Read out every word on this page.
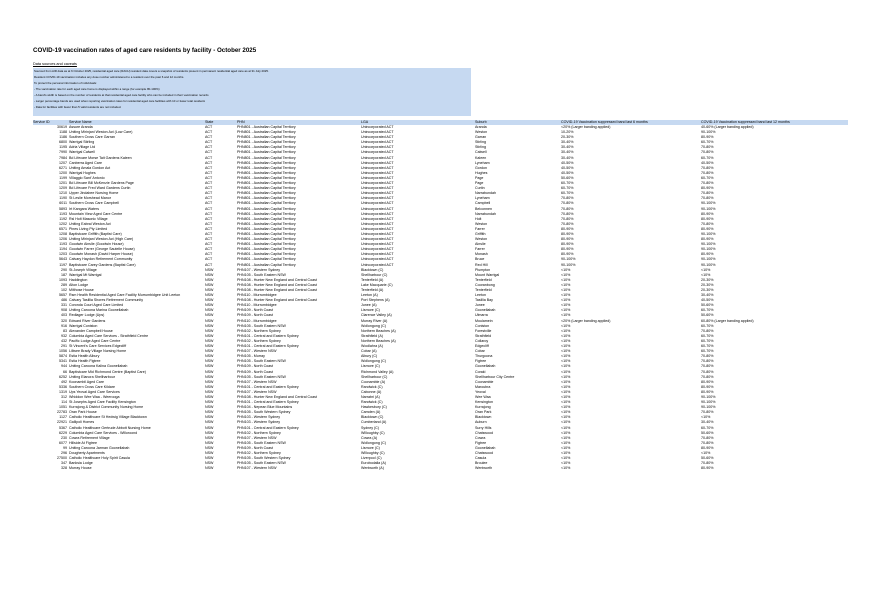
COVID-19 vaccination rates of aged care residents by facility - October 2025
Data sources and caveats
Sourced from AIR data as at 6 October 2025, residential aged care (RACH) resident data covers a snapshot of residents present in permanent residential aged care as at 31 July 2025.
Resident COVID-19 vaccination includes any dose number administered to a resident over the past 6 and 12 months.
To protect the personal information of individuals:
- The vaccination rate for each aged care home is displayed within a range (for example 80-100%)
- A band's width is based on the number of residents at that residential aged care facility who can be included in their vaccination records
- Larger percentage bands are used when reporting vaccination rates for residential aged care facilities with 10 or fewer total residents
- Data for facilities with fewer than 5 valid residents are not included.
Service ID	Service Name	State	PHN	LGA	Suburb	COVID-19 Vaccination suppressed band last 6 months	COVID-19 Vaccination suppressed band last 12 months
30619 Assure Aranda	ACT	PHN801 - Australian Capital Territory	Unincorporated ACT	Aranda	<20% (Larger banding applied)	40-60% (Larger banding applied)
1188 Uniting Mirinjani Weston Act (Low Care)	ACT	PHN801 - Australian Capital Territory	Unincorporated ACT	Weston	10-20%	90-100%
1186 Southern Cross Care Garran	ACT	PHN801 - Australian Capital Territory	Unincorporated ACT	Garran	20-30%	80-90%
6800 Warrigal Stirling	ACT	PHN801 - Australian Capital Territory	Unincorporated ACT	Stirling	30-40%	60-70%
1195 Adria Village Ltd	ACT	PHN801 - Australian Capital Territory	Unincorporated ACT	Stirling	30-40%	70-80%
7990 Warrigal Calwell	ACT	PHN801 - Australian Capital Territory	Unincorporated ACT	Calwell	30-40%	70-80%
7984 Bd Lifecare Morse Tait Gardens Kaleen	ACT	PHN801 - Australian Capital Territory	Unincorporated ACT	Kaleen	30-40%	60-70%
1207 Canberra Aged Care	ACT	PHN801 - Australian Capital Territory	Unincorporated ACT	Lyneham	40-50%	40-50%
6271 Uniting Amala Gordon Act	ACT	PHN801 - Australian Capital Territory	Unincorporated ACT	Gordon	40-50%	70-80%
1200 Warrigal Hughes	ACT	PHN801 - Australian Capital Territory	Unincorporated ACT	Hughes	40-50%	70-80%
1199 Villaggio Sant' Antonio	ACT	PHN801 - Australian Capital Territory	Unincorporated ACT	Page	50-60%	60-70%
1201 Bd Lifecare Bill McKenzie Gardens Page	ACT	PHN801 - Australian Capital Territory	Unincorporated ACT	Page	60-70%	70-80%
1209 Bd Lifecare Fred Ward Gardens Curtin	ACT	PHN801 - Australian Capital Territory	Unincorporated ACT	Curtin	60-70%	80-90%
1210 Upper Jindabee Nursing Home	ACT	PHN801 - Australian Capital Territory	Unincorporated ACT	Narrabundah	60-70%	70-80%
1190 St Leslie Morshead Manor	ACT	PHN801 - Australian Capital Territory	Unincorporated ACT	Lyneham	70-80%	70-80%
6011 Southern Cross Care Campbell	ACT	PHN801 - Australian Capital Territory	Unincorporated ACT	Campbell	70-80%	90-100%
5893 Irt Kangara Waters	ACT	PHN801 - Australian Capital Territory	Unincorporated ACT	Belconnen	70-80%	90-100%
1193 Mountain View Aged Care Centre	ACT	PHN801 - Australian Capital Territory	Unincorporated ACT	Narrabundah	70-80%	80-90%
1192 Rsl Holt Masonic Village	ACT	PHN801 - Australian Capital Territory	Unincorporated ACT	Holt	70-80%	80-90%
1202 Uniting Eabrai Weston Act	ACT	PHN801 - Australian Capital Territory	Unincorporated ACT	Weston	70-80%	70-80%
6571 Pines Living Pty Limited	ACT	PHN801 - Australian Capital Territory	Unincorporated ACT	Farrer	80-90%	80-90%
1208 Baptistcare Griffith (Baptist Care)	ACT	PHN801 - Australian Capital Territory	Unincorporated ACT	Griffith	80-90%	90-100%
1206 Uniting Mirinjani Weston Act (High Care)	ACT	PHN801 - Australian Capital Territory	Unincorporated ACT	Weston	80-90%	80-90%
1193 Goodwin Ainslie (Goodwin House)	ACT	PHN801 - Australian Capital Territory	Unincorporated ACT	Ainslie	80-90%	90-100%
1194 Goodwin Farrer (George Sautelle House)	ACT	PHN801 - Australian Capital Territory	Unincorporated ACT	Farrer	80-90%	90-100%
1203 Goodwin Monash (David Harper House)	ACT	PHN801 - Australian Capital Territory	Unincorporated ACT	Monash	80-90%	80-90%
5643 Calvary Haydon Retirement Community	ACT	PHN801 - Australian Capital Territory	Unincorporated ACT	Bruce	90-100%	90-100%
1197 Baptistcare Carey Gardens (Baptist Care)	ACT	PHN801 - Australian Capital Territory	Unincorporated ACT	Red Hill	90-100%	90-100%
290 St.Joseph Village	NSW	PHN107 - Western Sydney	Blacktown (C)	Plumpton	<10%	<10%
187 Warrigal Mt Warrigal	NSW	PHN105 - South Eastern NSW	Shellharbour (C)	Mount Warrigal	<10%	<10%
1093 Haddington	NSW	PHN108 - Hunter New England and Central Coast	Tenterfield (A)	Tenterfield	<10%	20-30%
289 Alton Lodge	NSW	PHN108 - Hunter New England and Central Coast	Lake Macquarie (C)	Cooranbong	<10%	20-30%
102 Milthose House	NSW	PHN108 - Hunter New England and Central Coast	Tenterfield (A)	Tenterfield	<10%	20-30%
5657 Rsm Health Residential Aged Care Facility Murrumbidgee Unit Leeton	NSW	PHN110 - Murrumbidgee	Leeton (A)	Leeton	<10%	30-40%
486 Calvary Tasillia Shores Retirement Community	NSW	PHN108 - Hunter New England and Central Coast	Port Stephens (A)	Tasillia Bay	<10%	40-50%
331 Coronda Court Aged Care Limited	NSW	PHN110 - Murrumbidgee	Junee (A)	Junee	<10%	50-60%
908 Uniting Caroona Marina Goonellabah	NSW	PHN109 - North Coast	Lismore (C)	Goonellabah	<10%	60-70%
403 Redlager Lodge (Ups)	NSW	PHN109 - North Coast	Clarence Valley (A)	Ulmarra	<10%	50-60%
320 Edward River Gardens	NSW	PHN110 - Murrumbidgee	Murray River (A)	Moulamein	<20% (Larger banding applied)	60-80% (Larger banding applied)
916 Warrigal Coniston	NSW	PHN105 - South Eastern NSW	Wollongong (C)	Coniston	<10%	60-70%
83 Alexander Campbell House	NSW	PHN102 - Northern Sydney	Northern Beaches (A)	Forestville	<10%	70-80%
932 Columbia Aged Care Services - Strathfield Centre	NSW	PHN101 - Central and Eastern Sydney	Strathfield (A)	Strathfield	<10%	60-70%
432 Pacific Lodge Aged Care Centre	NSW	PHN102 - Northern Sydney	Northern Beaches (A)	Collaroy	<10%	60-70%
291 St Vincent's Care Services Edgecliff	NSW	PHN101 - Central and Eastern Sydney	Woollahra (A)	Edgecliff	<10%	60-70%
1056 Lillwee Brady Village Nursing Home	NSW	PHN107 - Western NSW	Cobar (A)	Cobar	<10%	60-70%
5874 Estia Health Albury	NSW	PHN105 - Murray	Albury (C)	Thurgoona	<10%	70-80%
5341 Estia Health Figtree	NSW	PHN105 - South Eastern NSW	Wollongong (C)	Figtree	<10%	70-80%
944 Uniting Caroona Kalina Goonellabah	NSW	PHN109 - North Coast	Lismore (C)	Goonellabah	<10%	70-80%
66 Baptistcare Mid Richmond Centre (Baptist Care)	NSW	PHN109 - North Coast	Richmond Valley (A)	Coraki	<10%	70-80%
6252 Uniting Elanora Shellharbour	NSW	PHN105 - South Eastern NSW	Shellharbour (C)	Shellharbour City Centre	<10%	70-80%
492 Koonambil Aged Care	NSW	PHN107 - Western NSW	Coonamble (A)	Coonamble	<10%	80-90%
5336 Southern Cross Care Kildare	NSW	PHN101 - Central and Eastern Sydney	Randwick (C)	Maroubra	<10%	80-90%
1319 Ups Yeoval Aged Care Services	NSW	PHN107 - Western NSW	Cabonne (A)	Yeoval	<10%	80-90%
312 Whiddon Wee Waa - Weerooga	NSW	PHN108 - Hunter New England and Central Coast	Narrabri (A)	Wee Waa	<10%	90-100%
114 St Josephs Aged Care Facility Kensington	NSW	PHN101 - Central and Eastern Sydney	Randwick (C)	Kensington	<10%	90-100%
1051 Kurrajong & District Community Nursing Home	NSW	PHN104 - Nepean Blue Mountains	Hawkesbury (C)	Kurrajong	<10%	90-100%
22783 Oran Park House	NSW	PHN105 - South Western Sydney	Camden (A)	Oran Park	<10%	70-80%
1127 Catholic Healthcare St Hedwig Village Blacktown	NSW	PHN103 - Western Sydney	Blacktown (C)	Blacktown	<10%	<10%
22921 Gallipoli Homes	NSW	PHN103 - Western Sydney	Cumberland (A)	Auburn	<10%	30-40%
5367 Catholic Healthcare Gertrude Abbott Nursing Home	NSW	PHN101 - Central and Eastern Sydney	Sydney (C)	Surry Hills	<10%	60-70%
6229 Columbia Aged Care Services - Willoroond	NSW	PHN102 - Northern Sydney	Willoughby (C)	Chatswood	<10%	50-60%
230 Cowra Retirement Village	NSW	PHN107 - Western NSW	Cowra (A)	Cowra	<10%	70-80%
6077 Hillside At Figtree	NSW	PHN105 - South Eastern NSW	Wollongong (C)	Figtree	<10%	70-80%
99 Uniting Caroona Jarman Goonellabah	NSW	PHN109 - North Coast	Lismore (C)	Goonellabah	<10%	80-90%
296 Dougherty Apartments	NSW	PHN102 - Northern Sydney	Willoughby (C)	Chatswood	<10%	<10%
27500 Catholic Healthcare Holy Spirit Casula	NSW	PHN105 - South Western Sydney	Liverpool (C)	Casula	<10%	50-60%
347 Banksia Lodge	NSW	PHN105 - South Eastern NSW	Eurobodalla (A)	Broulee	<10%	70-80%
328 Murray House	NSW	PHN107 - Western NSW	Wentworth (A)	Wentworth	<10%	80-90%
